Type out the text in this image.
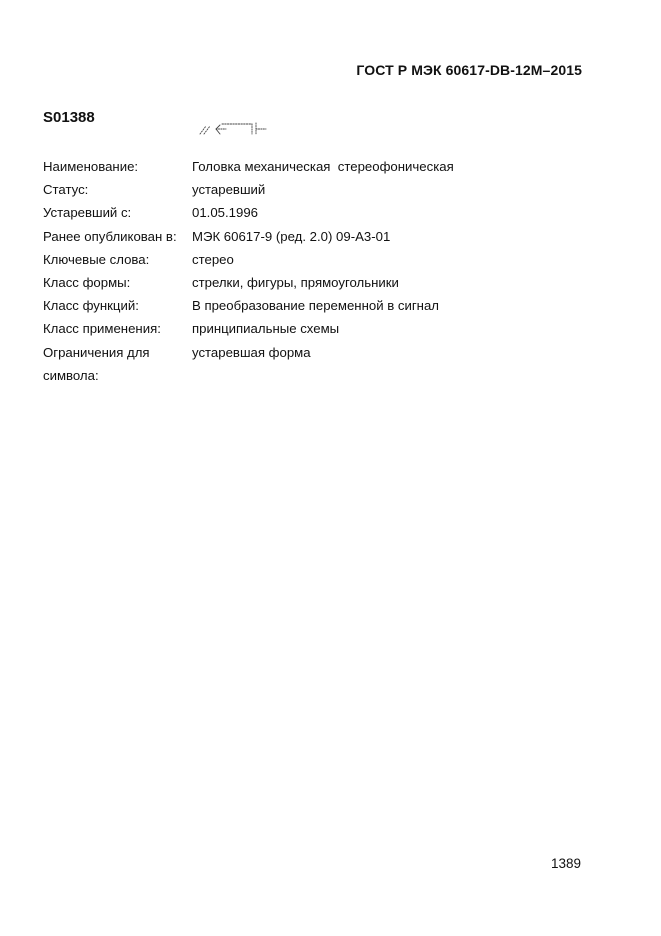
ГОСТ Р МЭК 60617-DB-12M–2015
S01388
Наименование:	Головка механическая  стереофоническая
Статус:	устаревший
Устаревший с:	01.05.1996
Ранее опубликован в:	МЭК 60617-9 (ред. 2.0) 09-А3-01
Ключевые слова:	стерео
Класс формы:	стрелки, фигуры, прямоугольники
Класс функций:	В преобразование переменной в сигнал
Класс применения:	принципиальные схемы
Ограничения для символа:
устаревшая форма
1389
